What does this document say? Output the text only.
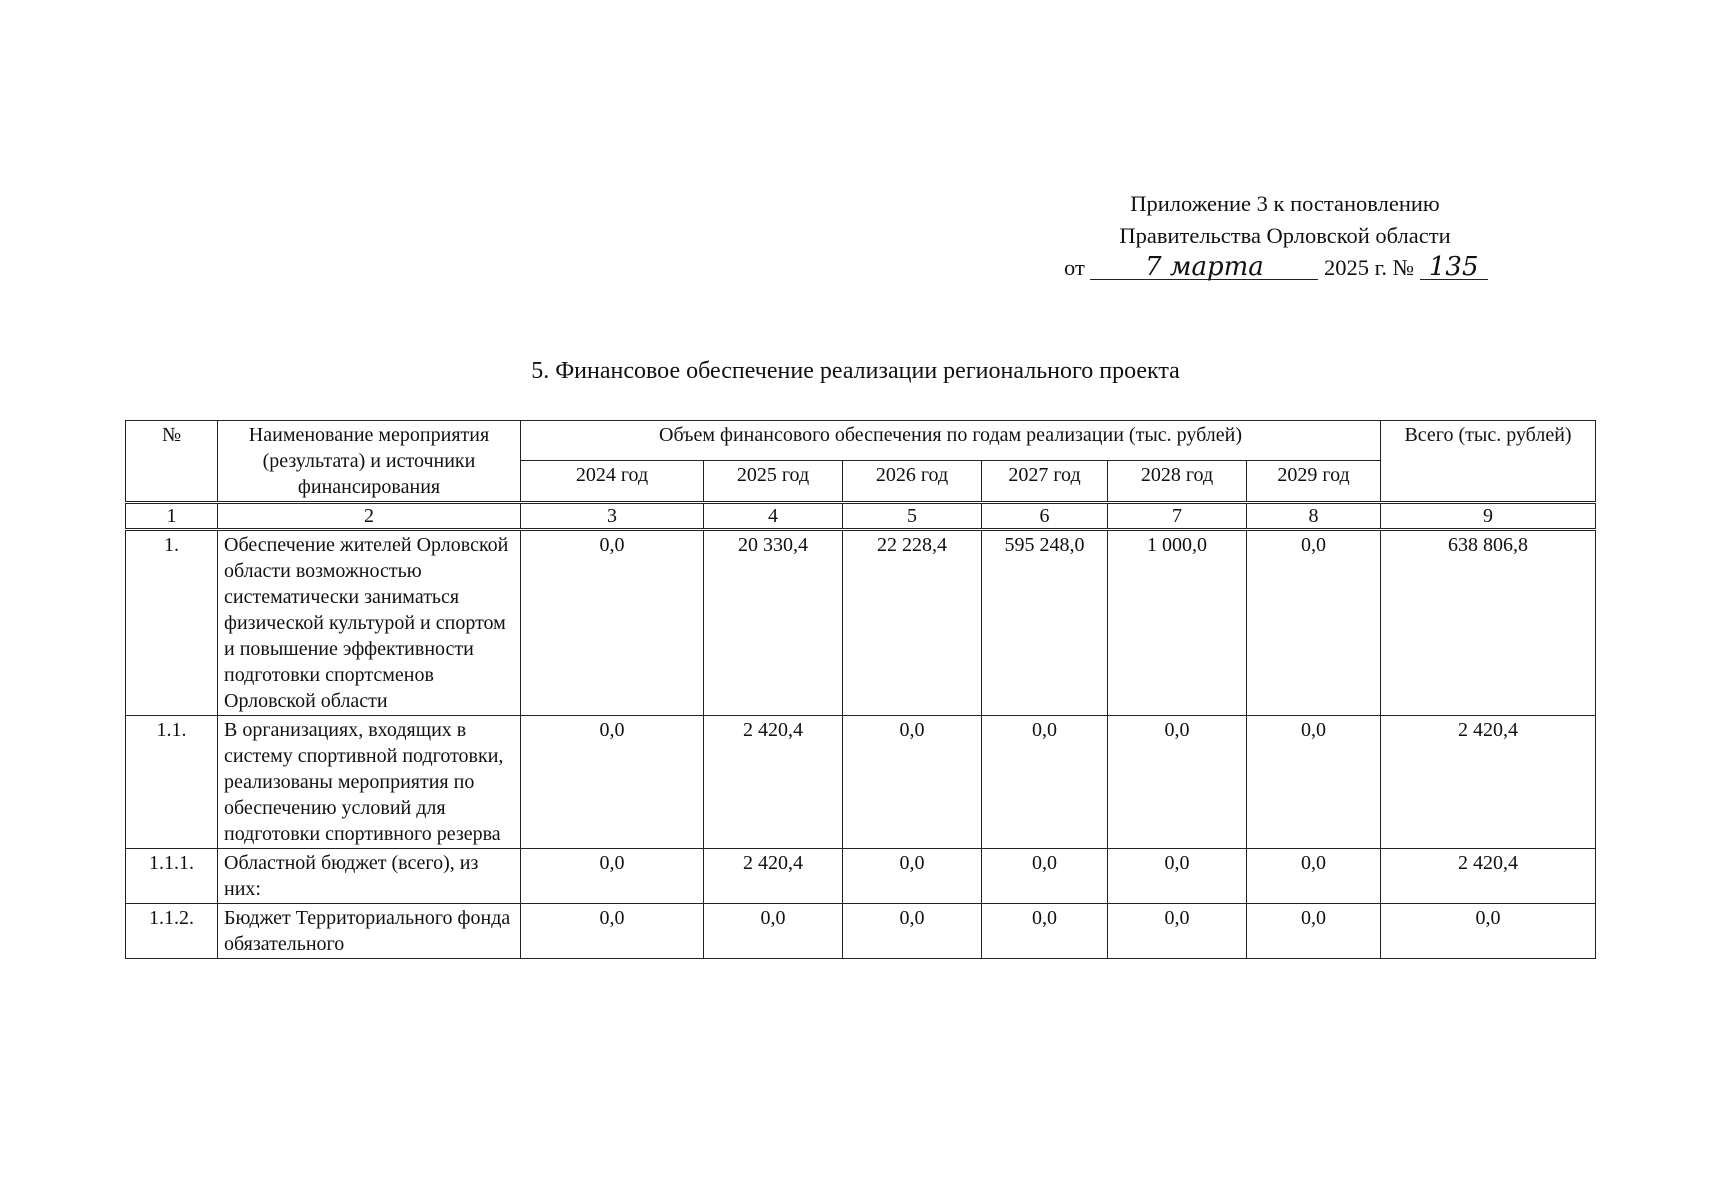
Приложение 3 к постановлению
Правительства Орловской области
от 7 марта	2025 г. № 135
5. Финансовое обеспечение реализации регионального проекта
№	Наименование мероприятия (результата) и источники финансирования	Объем финансового обеспечения по годам реализации (тыс. рублей)						Всего (тыс. рублей)
		2024 год	2025 год	2026 год	2027 год	2028 год	2029 год	
1	2	3	4	5	6	7	8	9
1.	Обеспечение жителей Орловской области возможностью систематически заниматься физической культурой и спортом и повышение эффективности подготовки спортсменов Орловской области	0,0	20 330,4	22 228,4	595 248,0	1 000,0	0,0	638 806,8
1.1.	В организациях, входящих в систему спортивной подготовки, реализованы мероприятия по обеспечению условий для подготовки спортивного резерва	0,0	2 420,4	0,0	0,0	0,0	0,0	2 420,4
1.1.1.	Областной бюджет (всего), из них:	0,0	2 420,4	0,0	0,0	0,0	0,0	2 420,4
1.1.2.	Бюджет Территориального фонда обязательного	0,0	0,0	0,0	0,0	0,0	0,0	0,0
